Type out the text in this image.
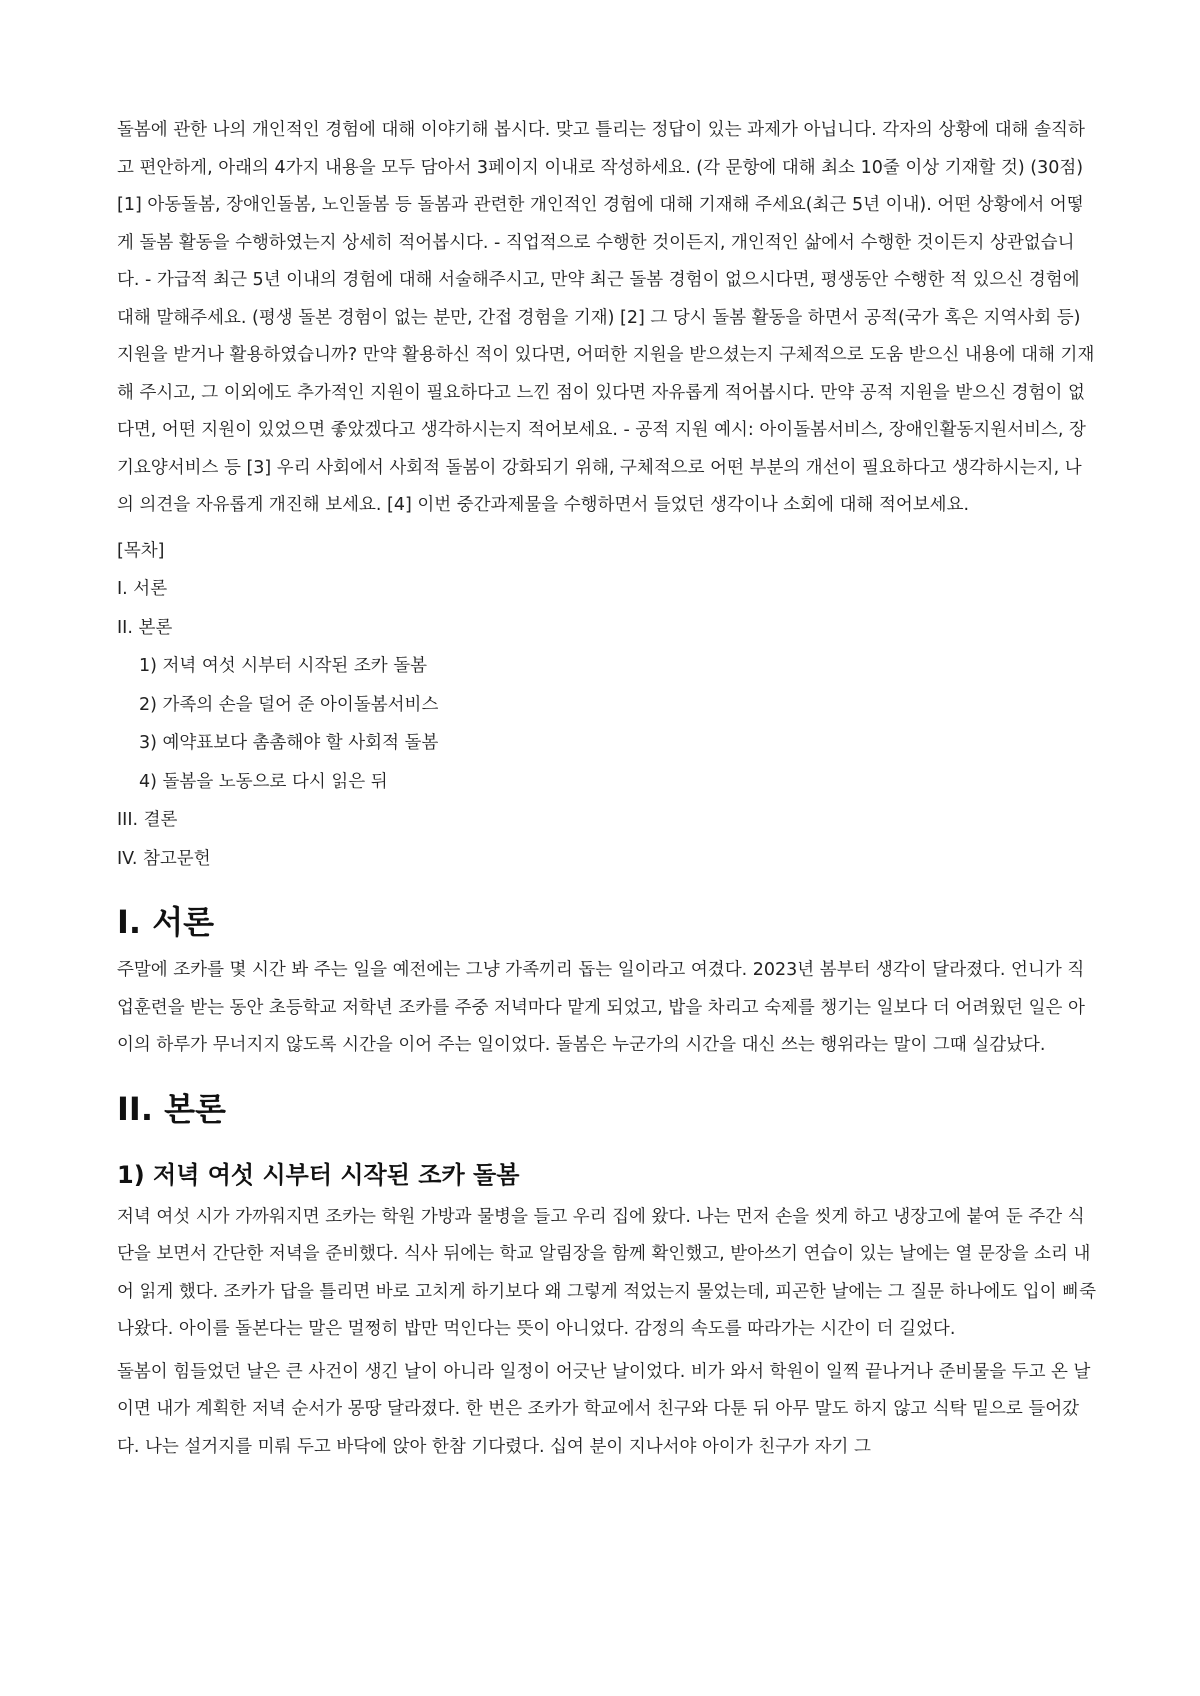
돌봄에 관한 나의 개인적인 경험에 대해 이야기해 봅시다. 맞고 틀리는 정답이 있는 과제가 아닙니다. 각자의 상황에 대해 솔직하고 편안하게, 아래의 4가지 내용을 모두 담아서 3페이지 이내로 작성하세요. (각 문항에 대해 최소 10줄 이상 기재할 것) (30점) [1] 아동돌봄, 장애인돌봄, 노인돌봄 등 돌봄과 관련한 개인적인 경험에 대해 기재해 주세요(최근 5년 이내). 어떤 상황에서 어떻게 돌봄 활동을 수행하였는지 상세히 적어봅시다. - 직업적으로 수행한 것이든지, 개인적인 삶에서 수행한 것이든지 상관없습니다. - 가급적 최근 5년 이내의 경험에 대해 서술해주시고, 만약 최근 돌봄 경험이 없으시다면, 평생동안 수행한 적 있으신 경험에 대해 말해주세요. (평생 돌본 경험이 없는 분만, 간접 경험을 기재) [2] 그 당시 돌봄 활동을 하면서 공적(국가 혹은 지역사회 등) 지원을 받거나 활용하였습니까? 만약 활용하신 적이 있다면, 어떠한 지원을 받으셨는지 구체적으로 도움 받으신 내용에 대해 기재해 주시고, 그 이외에도 추가적인 지원이 필요하다고 느낀 점이 있다면 자유롭게 적어봅시다. 만약 공적 지원을 받으신 경험이 없다면, 어떤 지원이 있었으면 좋았겠다고 생각하시는지 적어보세요. - 공적 지원 예시: 아이돌봄서비스, 장애인활동지원서비스, 장기요양서비스 등 [3] 우리 사회에서 사회적 돌봄이 강화되기 위해, 구체적으로 어떤 부분의 개선이 필요하다고 생각하시는지, 나의 의견을 자유롭게 개진해 보세요. [4] 이번 중간과제물을 수행하면서 들었던 생각이나 소회에 대해 적어보세요.

[목차]

I. 서론

II. 본론

1) 저녁 여섯 시부터 시작된 조카 돌봄

2) 가족의 손을 덜어 준 아이돌봄서비스

3) 예약표보다 촘촘해야 할 사회적 돌봄

4) 돌봄을 노동으로 다시 읽은 뒤

III. 결론

IV. 참고문헌

I. 서론

주말에 조카를 몇 시간 봐 주는 일을 예전에는 그냥 가족끼리 돕는 일이라고 여겼다. 2023년 봄부터 생각이 달라졌다. 언니가 직업훈련을 받는 동안 초등학교 저학년 조카를 주중 저녁마다 맡게 되었고, 밥을 차리고 숙제를 챙기는 일보다 더 어려웠던 일은 아이의 하루가 무너지지 않도록 시간을 이어 주는 일이었다. 돌봄은 누군가의 시간을 대신 쓰는 행위라는 말이 그때 실감났다.

II. 본론
1) 저녁 여섯 시부터 시작된 조카 돌봄

저녁 여섯 시가 가까워지면 조카는 학원 가방과 물병을 들고 우리 집에 왔다. 나는 먼저 손을 씻게 하고 냉장고에 붙여 둔 주간 식단을 보면서 간단한 저녁을 준비했다. 식사 뒤에는 학교 알림장을 함께 확인했고, 받아쓰기 연습이 있는 날에는 열 문장을 소리 내어 읽게 했다. 조카가 답을 틀리면 바로 고치게 하기보다 왜 그렇게 적었는지 물었는데, 피곤한 날에는 그 질문 하나에도 입이 삐죽 나왔다. 아이를 돌본다는 말은 멀쩡히 밥만 먹인다는 뜻이 아니었다. 감정의 속도를 따라가는 시간이 더 길었다.

돌봄이 힘들었던 날은 큰 사건이 생긴 날이 아니라 일정이 어긋난 날이었다. 비가 와서 학원이 일찍 끝나거나 준비물을 두고 온 날이면 내가 계획한 저녁 순서가 몽땅 달라졌다. 한 번은 조카가 학교에서 친구와 다툰 뒤 아무 말도 하지 않고 식탁 밑으로 들어갔다. 나는 설거지를 미뤄 두고 바닥에 앉아 한참 기다렸다. 십여 분이 지나서야 아이가 친구가 자기 그
